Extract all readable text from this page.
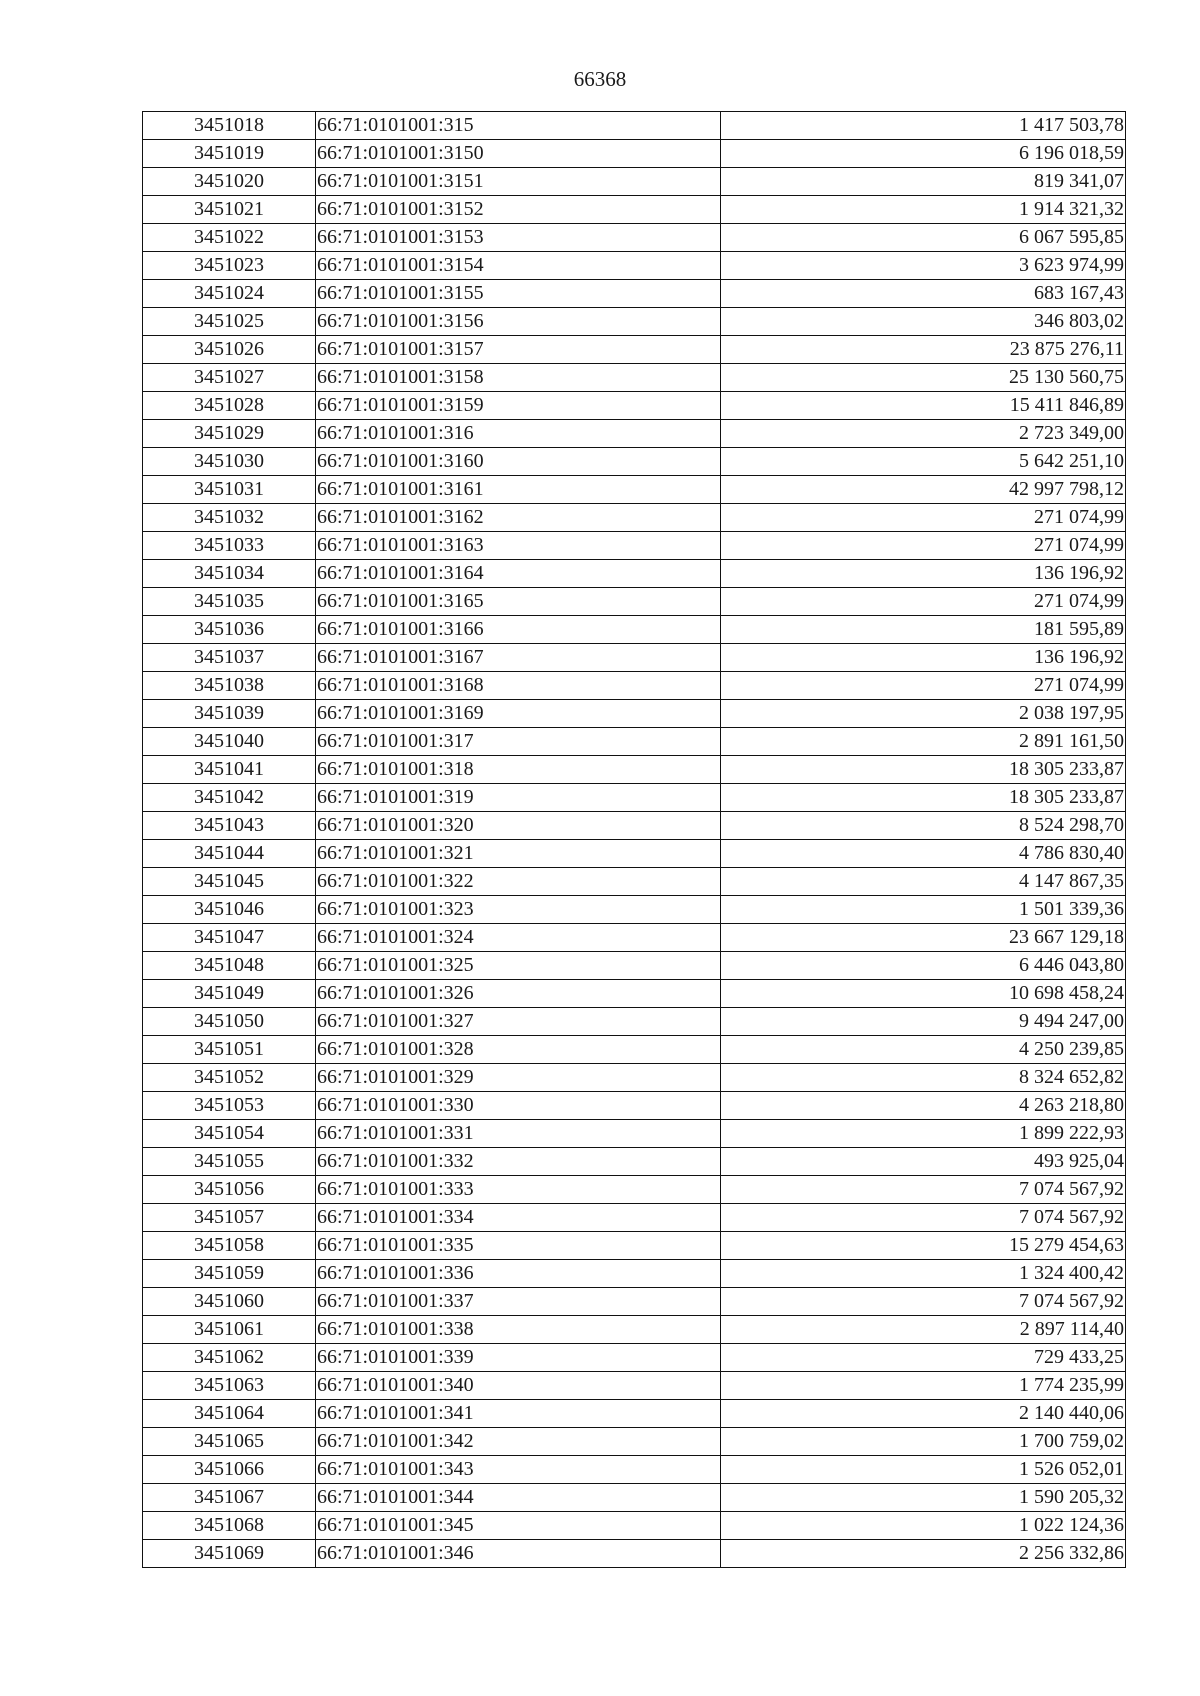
66368
3451018	66:71:0101001:315	1 417 503,78
3451019	66:71:0101001:3150	6 196 018,59
3451020	66:71:0101001:3151	819 341,07
3451021	66:71:0101001:3152	1 914 321,32
3451022	66:71:0101001:3153	6 067 595,85
3451023	66:71:0101001:3154	3 623 974,99
3451024	66:71:0101001:3155	683 167,43
3451025	66:71:0101001:3156	346 803,02
3451026	66:71:0101001:3157	23 875 276,11
3451027	66:71:0101001:3158	25 130 560,75
3451028	66:71:0101001:3159	15 411 846,89
3451029	66:71:0101001:316	2 723 349,00
3451030	66:71:0101001:3160	5 642 251,10
3451031	66:71:0101001:3161	42 997 798,12
3451032	66:71:0101001:3162	271 074,99
3451033	66:71:0101001:3163	271 074,99
3451034	66:71:0101001:3164	136 196,92
3451035	66:71:0101001:3165	271 074,99
3451036	66:71:0101001:3166	181 595,89
3451037	66:71:0101001:3167	136 196,92
3451038	66:71:0101001:3168	271 074,99
3451039	66:71:0101001:3169	2 038 197,95
3451040	66:71:0101001:317	2 891 161,50
3451041	66:71:0101001:318	18 305 233,87
3451042	66:71:0101001:319	18 305 233,87
3451043	66:71:0101001:320	8 524 298,70
3451044	66:71:0101001:321	4 786 830,40
3451045	66:71:0101001:322	4 147 867,35
3451046	66:71:0101001:323	1 501 339,36
3451047	66:71:0101001:324	23 667 129,18
3451048	66:71:0101001:325	6 446 043,80
3451049	66:71:0101001:326	10 698 458,24
3451050	66:71:0101001:327	9 494 247,00
3451051	66:71:0101001:328	4 250 239,85
3451052	66:71:0101001:329	8 324 652,82
3451053	66:71:0101001:330	4 263 218,80
3451054	66:71:0101001:331	1 899 222,93
3451055	66:71:0101001:332	493 925,04
3451056	66:71:0101001:333	7 074 567,92
3451057	66:71:0101001:334	7 074 567,92
3451058	66:71:0101001:335	15 279 454,63
3451059	66:71:0101001:336	1 324 400,42
3451060	66:71:0101001:337	7 074 567,92
3451061	66:71:0101001:338	2 897 114,40
3451062	66:71:0101001:339	729 433,25
3451063	66:71:0101001:340	1 774 235,99
3451064	66:71:0101001:341	2 140 440,06
3451065	66:71:0101001:342	1 700 759,02
3451066	66:71:0101001:343	1 526 052,01
3451067	66:71:0101001:344	1 590 205,32
3451068	66:71:0101001:345	1 022 124,36
3451069	66:71:0101001:346	2 256 332,86
